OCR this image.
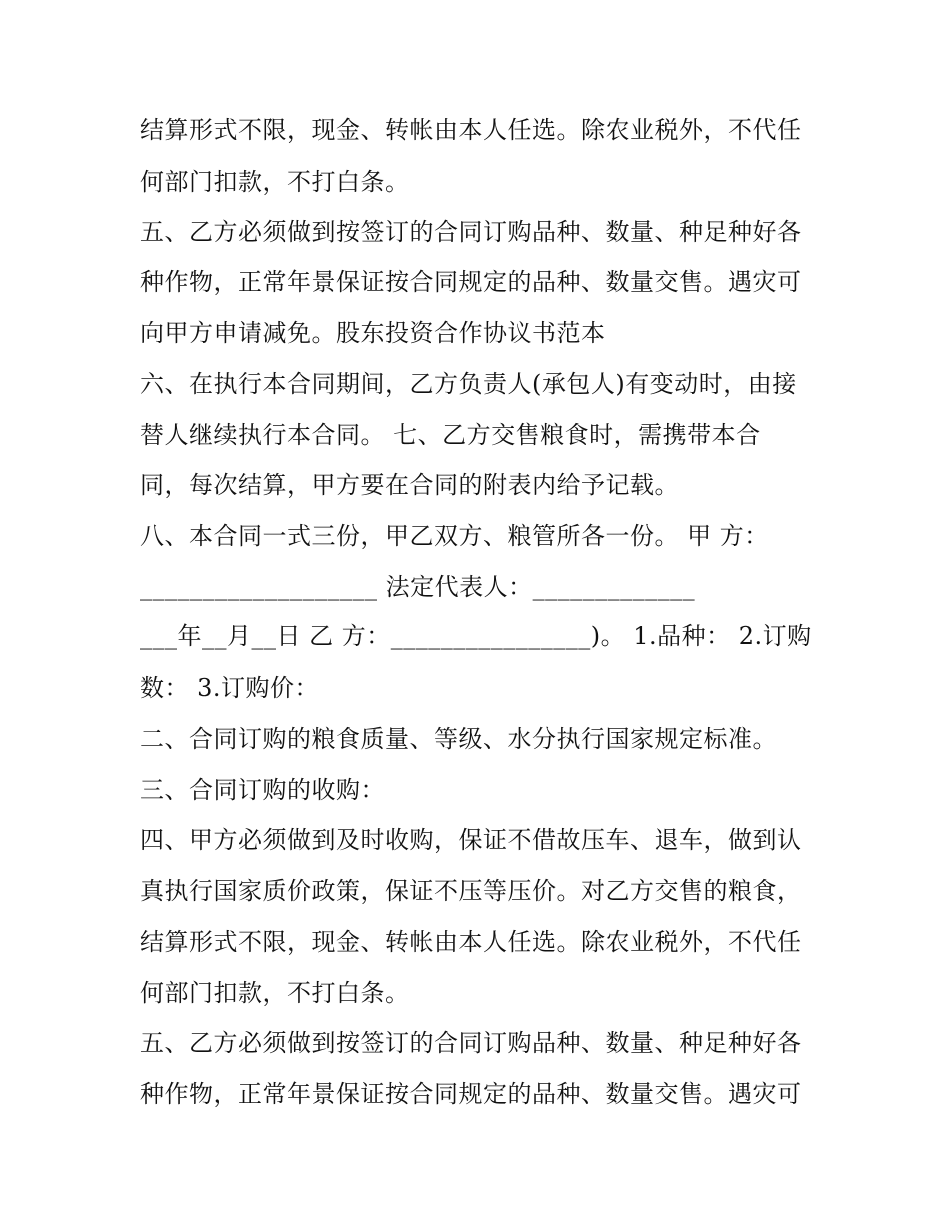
结算形式不限，现金、转帐由本人任选。除农业税外，不代任
何部门扣款，不打白条。
五、乙方必须做到按签订的合同订购品种、数量、种足种好各
种作物，正常年景保证按合同规定的品种、数量交售。遇灾可
向甲方申请减免。股东投资合作协议书范本
六、在执行本合同期间，乙方负责人(承包人)有变动时，由接
替人继续执行本合同。 七、乙方交售粮食时，需携带本合
同，每次结算，甲方要在合同的附表内给予记载。
八、本合同一式三份，甲乙双方、粮管所各一份。 甲 方：
___________________ 法定代表人：_____________
___年__月__日 乙 方：________________)。 1.品种： 2.订购
数： 3.订购价：
二、合同订购的粮食质量、等级、水分执行国家规定标准。
三、合同订购的收购：
四、甲方必须做到及时收购，保证不借故压车、退车，做到认
真执行国家质价政策，保证不压等压价。对乙方交售的粮食，
结算形式不限，现金、转帐由本人任选。除农业税外，不代任
何部门扣款，不打白条。
五、乙方必须做到按签订的合同订购品种、数量、种足种好各
种作物，正常年景保证按合同规定的品种、数量交售。遇灾可
